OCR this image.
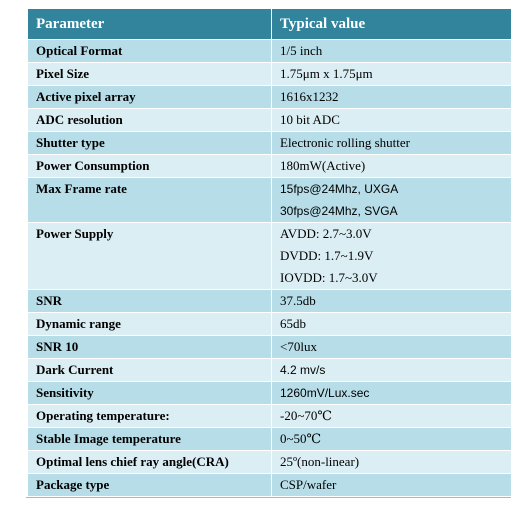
Parameter	Typical value
Optical Format	1/5 inch

Pixel Size	1.75μm x 1.75μm

Active pixel array	1616x1232

ADC resolution	10 bit ADC

Shutter type	Electronic rolling shutter

Power Consumption	180mW(Active)

Max Frame rate	15fps@24Mhz, UXGA
30fps@24Mhz, SVGA

Power Supply	AVDD: 2.7~3.0V
DVDD: 1.7~1.9V
IOVDD: 1.7~3.0V

SNR	37.5db

Dynamic range	65db

SNR 10	<70lux

Dark Current	4.2 mv/s

Sensitivity	1260mV/Lux.sec

Operating temperature:	-20~70℃

Stable Image temperature	0~50℃

Optimal lens chief ray angle(CRA)	25º(non-linear)

Package type	CSP/wafer
